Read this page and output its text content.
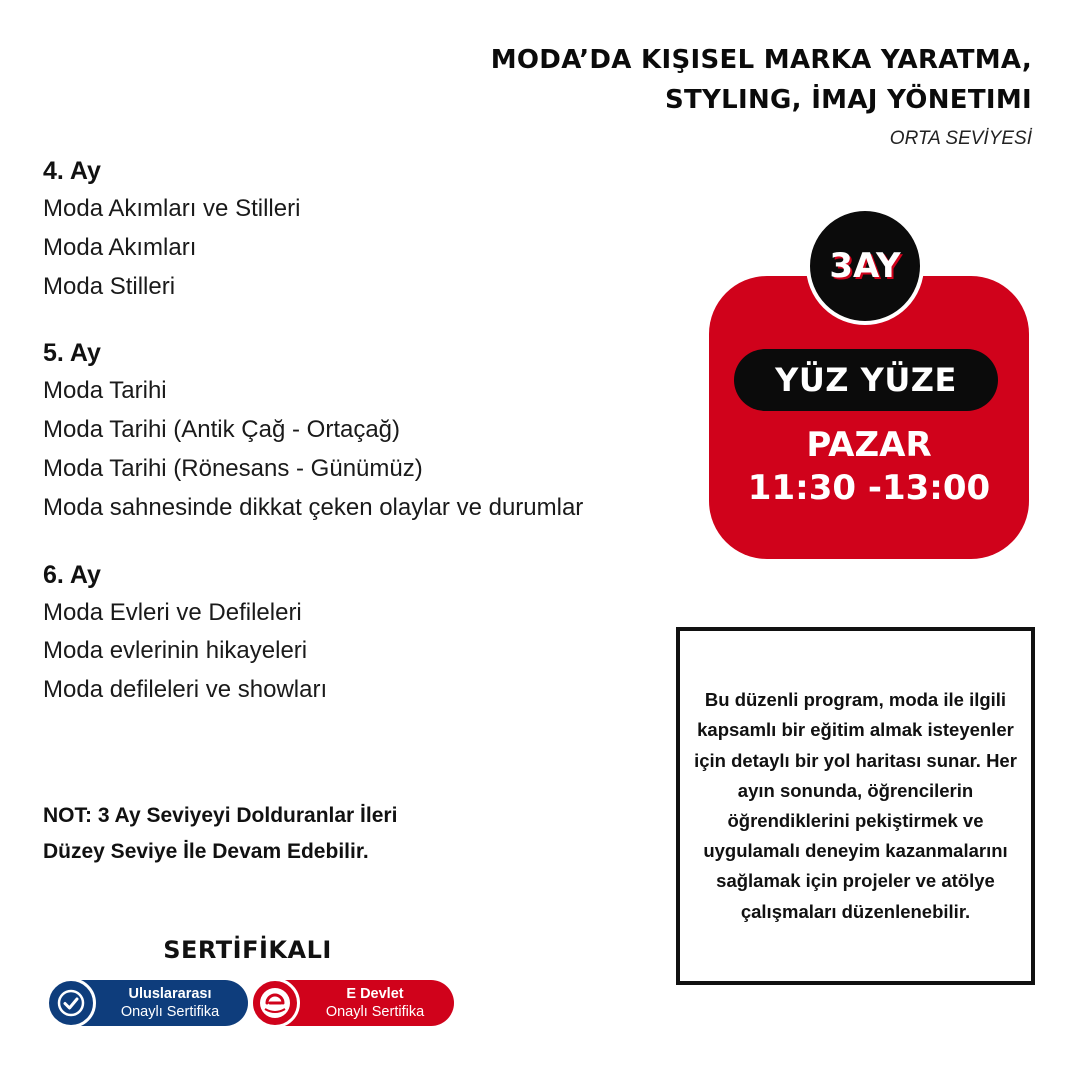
MODA’DA KIŞISEL MARKA YARATMA,
STYLING, İMAJ YÖNETIMI
ORTA SEVİYESİ
4. Ay
Moda Akımları ve Stilleri
Moda Akımları
Moda Stilleri
5. Ay
Moda Tarihi
Moda Tarihi (Antik Çağ - Ortaçağ)
Moda Tarihi (Rönesans - Günümüz)
Moda sahnesinde dikkat çeken olaylar ve durumlar
6. Ay
Moda Evleri ve Defileleri
Moda evlerinin hikayeleri
Moda defileleri ve showları
NOT: 3 Ay Seviyeyi Dolduranlar İleri
Düzey Seviye İle Devam Edebilir.
3AY
YÜZ YÜZE
PAZAR
11:30 -13:00

Bu düzenli program, moda ile ilgili kapsamlı bir eğitim almak isteyenler için detaylı bir yol haritası sunar. Her ayın sonunda, öğrencilerin öğrendiklerini pekiştirmek ve uygulamalı deneyim kazanmalarını sağlamak için projeler ve atölye çalışmaları düzenlenebilir.

SERTİFİKALI
Uluslararası
Onaylı Sertifika
E Devlet
Onaylı Sertifika
